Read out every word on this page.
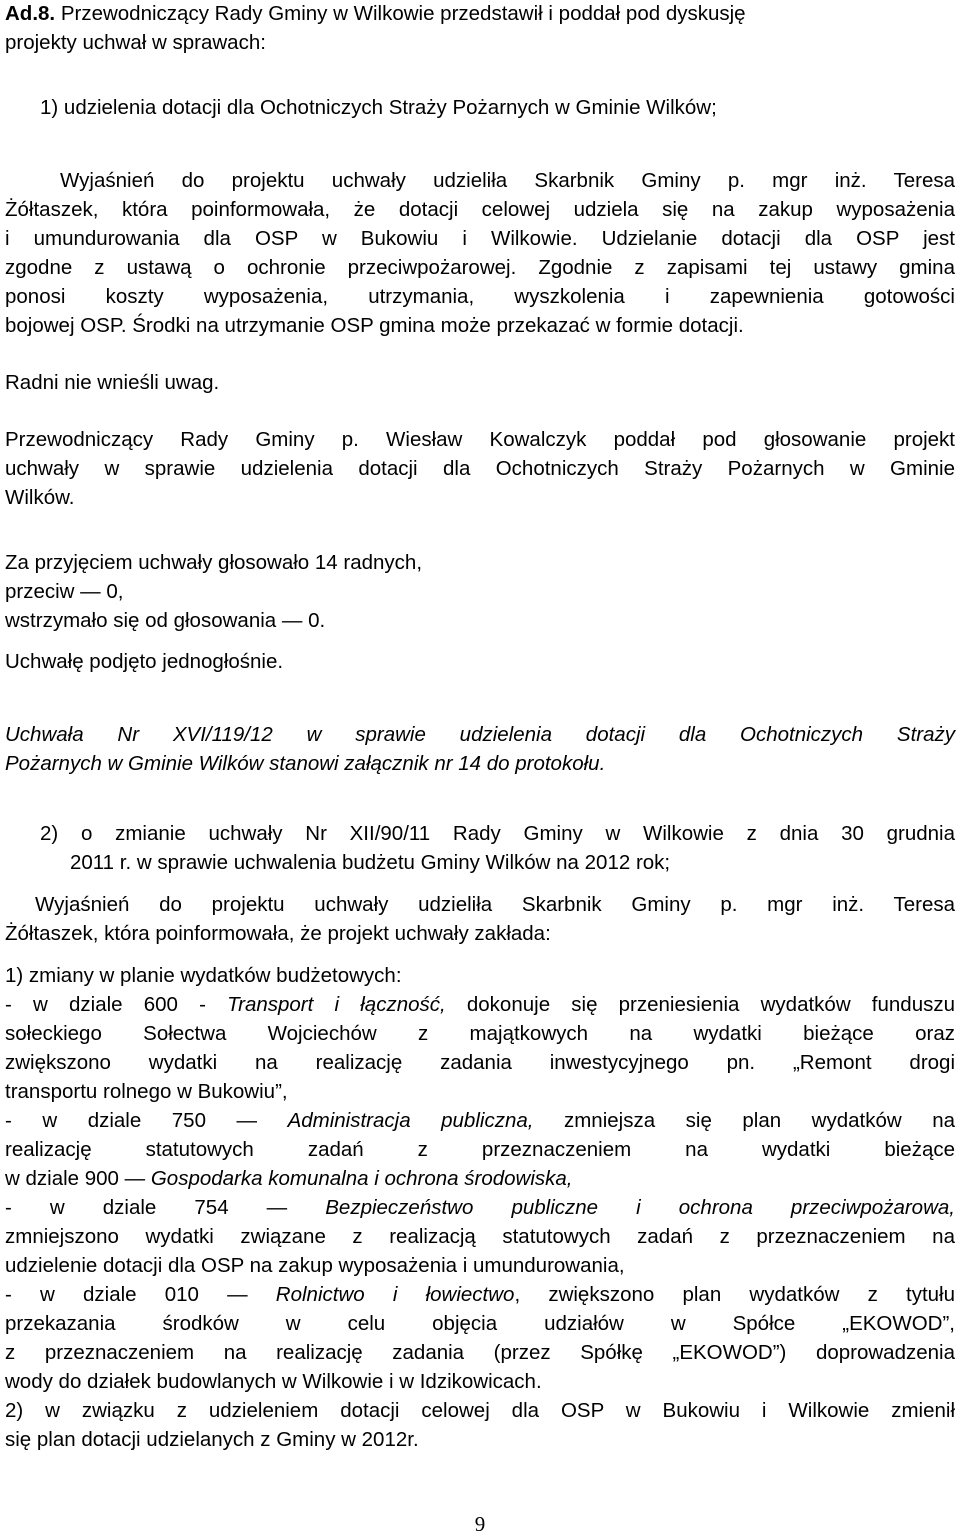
Ad.8. Przewodniczący Rady Gminy w Wilkowie przedstawił i poddał pod dyskusję
projekty uchwał w sprawach:
1) udzielenia dotacji dla Ochotniczych Straży Pożarnych w Gminie Wilków;
Wyjaśnień do projektu uchwały udzieliła Skarbnik Gminy p. mgr inż. Teresa
Żółtaszek, która poinformowała, że dotacji celowej udziela się na zakup wyposażenia
i umundurowania dla OSP w Bukowiu i Wilkowie. Udzielanie dotacji dla OSP jest
zgodne z ustawą o ochronie przeciwpożarowej. Zgodnie z zapisami tej ustawy gmina
ponosi koszty wyposażenia, utrzymania, wyszkolenia i zapewnienia gotowości
bojowej OSP. Środki na utrzymanie OSP gmina może przekazać w formie dotacji.
Radni nie wnieśli uwag.
Przewodniczący Rady Gminy p. Wiesław Kowalczyk poddał pod głosowanie projekt
uchwały w sprawie udzielenia dotacji dla Ochotniczych Straży Pożarnych w Gminie
Wilków.
Za przyjęciem uchwały głosowało 14 radnych,
przeciw — 0,
wstrzymało się od głosowania — 0.
Uchwałę podjęto jednogłośnie.
Uchwała Nr XVI/119/12 w sprawie udzielenia dotacji dla Ochotniczych Straży
Pożarnych w Gminie Wilków stanowi załącznik nr 14 do protokołu.
2) o zmianie uchwały Nr XII/90/11 Rady Gminy w Wilkowie z dnia 30 grudnia
2011 r. w sprawie uchwalenia budżetu Gminy Wilków na 2012 rok;
Wyjaśnień do projektu uchwały udzieliła Skarbnik Gminy p. mgr inż. Teresa
Żółtaszek, która poinformowała, że projekt uchwały zakłada:
1) zmiany w planie wydatków budżetowych:
- w dziale 600 - Transport i łączność, dokonuje się przeniesienia wydatków funduszu
sołeckiego Sołectwa Wojciechów z majątkowych na wydatki bieżące oraz
zwiększono wydatki na realizację zadania inwestycyjnego pn. „Remont drogi
transportu rolnego w Bukowiu”,
- w dziale 750 — Administracja publiczna, zmniejsza się plan wydatków na
realizację statutowych zadań z przeznaczeniem na wydatki bieżące
w dziale 900 — Gospodarka komunalna i ochrona środowiska,
- w dziale 754 — Bezpieczeństwo publiczne i ochrona przeciwpożarowa,
zmniejszono wydatki związane z realizacją statutowych zadań z przeznaczeniem na
udzielenie dotacji dla OSP na zakup wyposażenia i umundurowania,
- w dziale 010 — Rolnictwo i łowiectwo, zwiększono plan wydatków z tytułu
przekazania środków w celu objęcia udziałów w Spółce „EKOWOD”,
z przeznaczeniem na realizację zadania (przez Spółkę „EKOWOD”) doprowadzenia
wody do działek budowlanych w Wilkowie i w Idzikowicach.
2) w związku z udzieleniem dotacji celowej dla OSP w Bukowiu i Wilkowie zmienił
się plan dotacji udzielanych z Gminy w 2012r.
9
